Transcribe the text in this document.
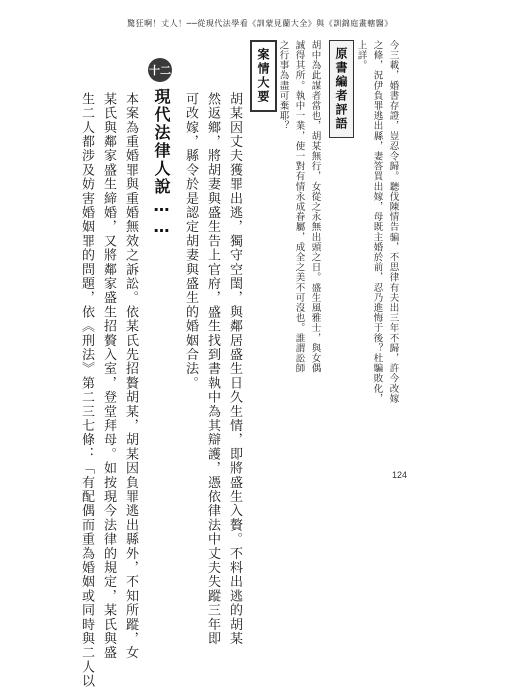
驚狂啊！丈人！──從現代法學看《訓蒙見蘭大全》與《訓錦庭畫轄醫》
今三載，婚書存證，豈忍令歸。聽伐陳情告骗，不思律有夫出三年不歸，許今改嫁
之條，況伊負罪逃出縣，妻答買出嫁，母既主婚於前，忍乃進悔于後？杜騙敗化，
上詳。
原書編者評語
胡中為此謀者當也，胡某無行，女從之永無出頭之日。盛生風雅士，與女偶
誠得其所。執中一業，使一對有情永成眷屬，成全之美不可沒也。誰謂訟師
之行事為盡可棄耶？
案情大要
胡某因丈夫獲罪出逃，獨守空閨，與鄰居盛生日久生情，即將盛生入贅。不料出逃的胡某
然返鄉，將胡妻與盛生告上官府，盛生找到書執中為其辯護，憑依律法中丈夫失蹤三年即
可改嫁，縣令於是認定胡妻與盛生的婚姻合法。
十二
現代法律人說……
本案為重婚罪與重婚無效之訴訟。依某氏先招贅胡某，胡某因負罪逃出縣外，不知所蹤，女
某氏與鄰家盛生締婚，又將鄰家盛生招贅入室，登堂拜母。如按現今法律的規定，某氏與盛
生二人都涉及妨害婚姻罪的問題，依《刑法》第二三七條：「有配偶而重為婚姻或同時與二人以	124
